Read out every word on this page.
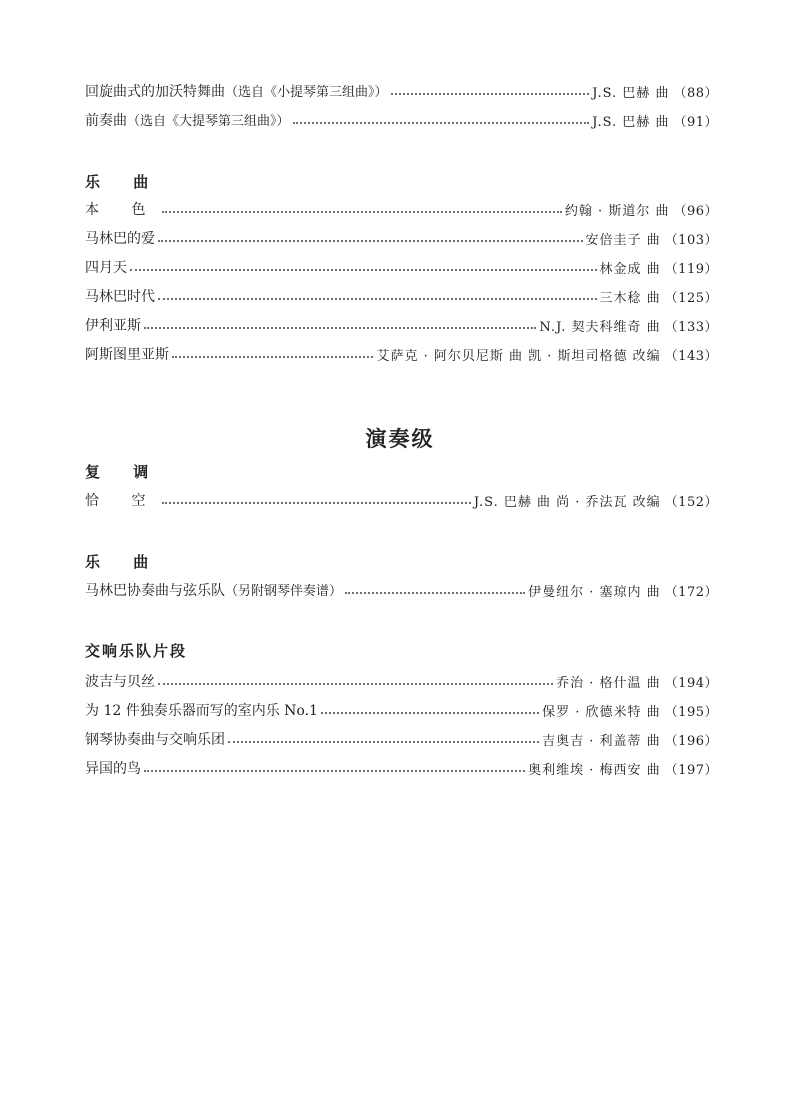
回旋曲式的加沃特舞曲（选自《小提琴第三组曲》）	J.S. 巴赫 曲 （88）
前奏曲（选自《大提琴第三组曲》）	J.S. 巴赫 曲 （91）
乐 曲
本 色	约翰 · 斯道尔 曲 （96）
马林巴的爱	安倍圭子 曲 （103）
四月天	林金成 曲 （119）
马林巴时代	三木稔 曲 （125）
伊利亚斯	N.J. 契夫科维奇 曲 （133）
阿斯图里亚斯	艾萨克 · 阿尔贝尼斯 曲 凯 · 斯坦司格德 改编 （143）
演奏级
复 调
恰 空	J.S. 巴赫 曲 尚 · 乔法瓦 改编 （152）
乐 曲
马林巴协奏曲与弦乐队（另附钢琴伴奏谱）	伊曼纽尔 · 塞琼内 曲 （172）
交响乐队片段
波吉与贝丝	乔治 · 格什温 曲 （194）
为 12 件独奏乐器而写的室内乐 No.1	保罗 · 欣德米特 曲 （195）
钢琴协奏曲与交响乐团	吉奥吉 · 利盖蒂 曲 （196）
异国的鸟	奥利维埃 · 梅西安 曲 （197）
